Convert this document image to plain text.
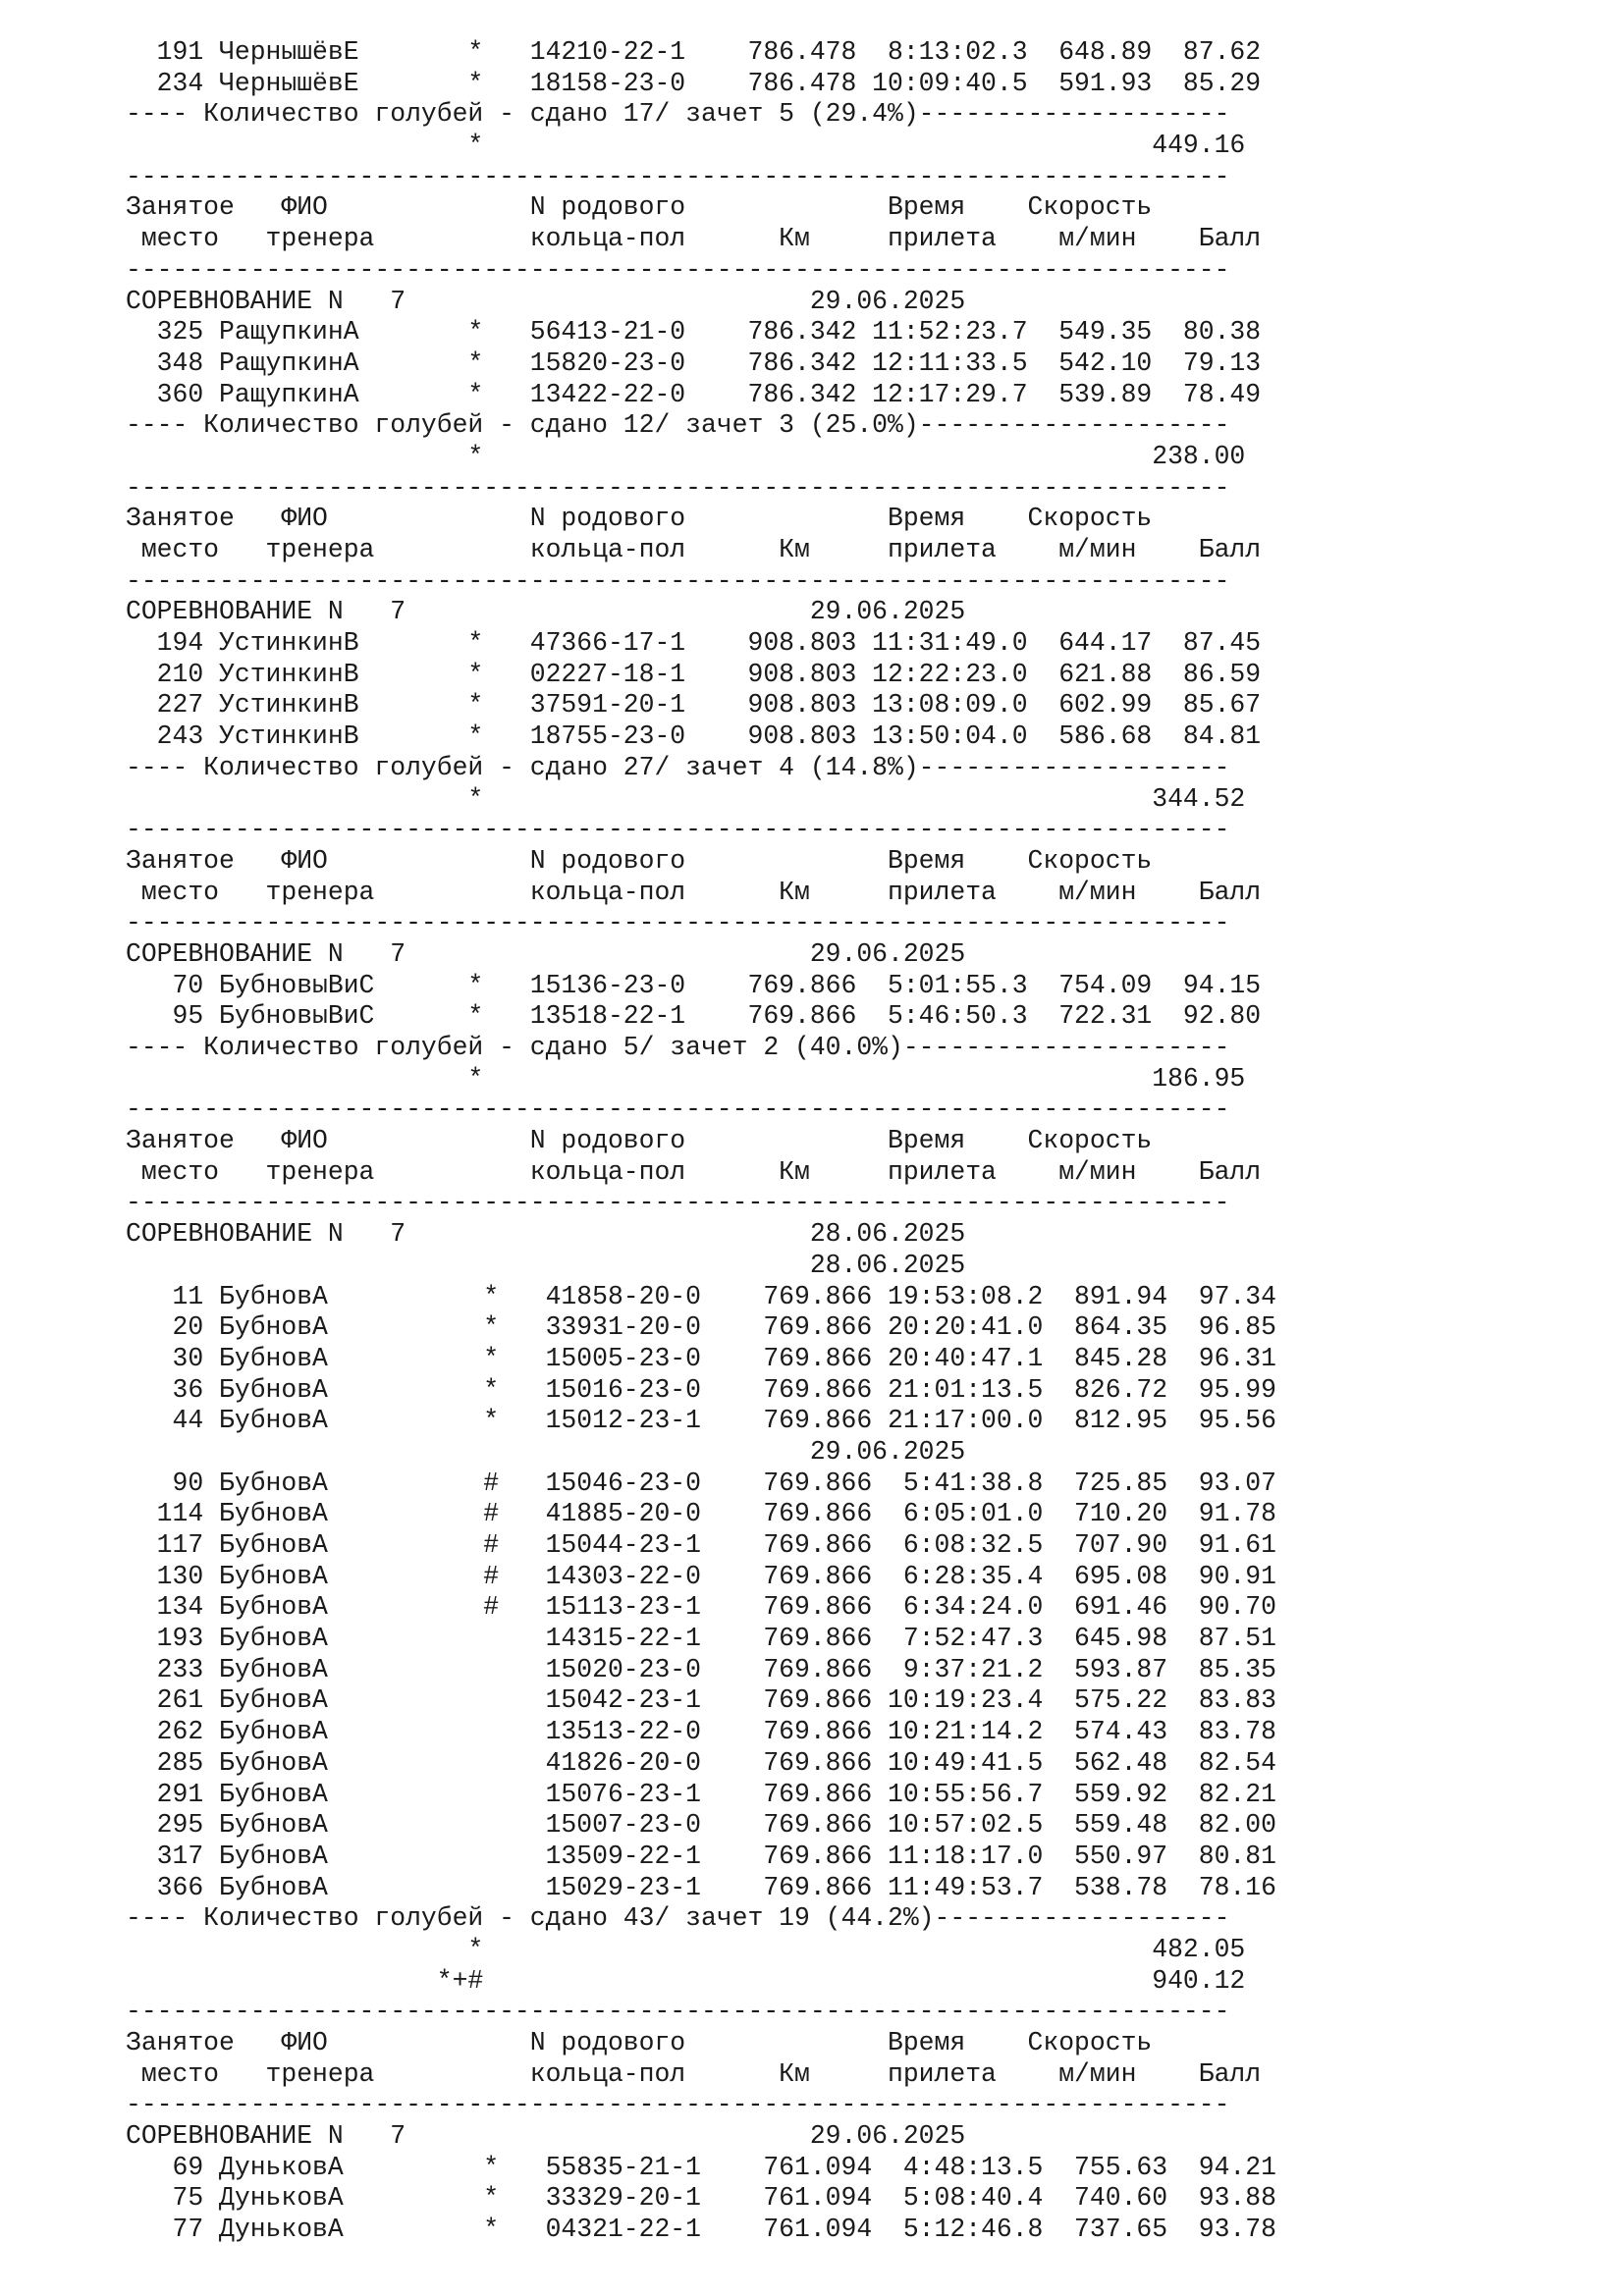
191 ЧернышёвЕ       *   14210-22-1    786.478  8:13:02.3  648.89  87.62
234 ЧернышёвЕ       *   18158-23-0    786.478 10:09:40.5  591.93  85.29
---- Количество голубей - сдано 17/ зачет 5 (29.4%)--------------------
*                                           449.16
-----------------------------------------------------------------------
Занятое   ФИО             N родового             Время    Скорость
место   тренера          кольца-пол      Км     прилета    м/мин    Балл
-----------------------------------------------------------------------
СОРЕВНОВАНИЕ N   7                          29.06.2025
325 РащупкинА       *   56413-21-0    786.342 11:52:23.7  549.35  80.38
348 РащупкинА       *   15820-23-0    786.342 12:11:33.5  542.10  79.13
360 РащупкинА       *   13422-22-0    786.342 12:17:29.7  539.89  78.49
---- Количество голубей - сдано 12/ зачет 3 (25.0%)--------------------
*                                           238.00
-----------------------------------------------------------------------
Занятое   ФИО             N родового             Время    Скорость
место   тренера          кольца-пол      Км     прилета    м/мин    Балл
-----------------------------------------------------------------------
СОРЕВНОВАНИЕ N   7                          29.06.2025
194 УстинкинВ       *   47366-17-1    908.803 11:31:49.0  644.17  87.45
210 УстинкинВ       *   02227-18-1    908.803 12:22:23.0  621.88  86.59
227 УстинкинВ       *   37591-20-1    908.803 13:08:09.0  602.99  85.67
243 УстинкинВ       *   18755-23-0    908.803 13:50:04.0  586.68  84.81
---- Количество голубей - сдано 27/ зачет 4 (14.8%)--------------------
*                                           344.52
-----------------------------------------------------------------------
Занятое   ФИО             N родового             Время    Скорость
место   тренера          кольца-пол      Км     прилета    м/мин    Балл
-----------------------------------------------------------------------
СОРЕВНОВАНИЕ N   7                          29.06.2025
70 БубновыВиС      *   15136-23-0    769.866  5:01:55.3  754.09  94.15
95 БубновыВиС      *   13518-22-1    769.866  5:46:50.3  722.31  92.80
---- Количество голубей - сдано 5/ зачет 2 (40.0%)---------------------
*                                           186.95
-----------------------------------------------------------------------
Занятое   ФИО             N родового             Время    Скорость
место   тренера          кольца-пол      Км     прилета    м/мин    Балл
-----------------------------------------------------------------------
СОРЕВНОВАНИЕ N   7                          28.06.2025
28.06.2025
11 БубновА          *   41858-20-0    769.866 19:53:08.2  891.94  97.34
20 БубновА          *   33931-20-0    769.866 20:20:41.0  864.35  96.85
30 БубновА          *   15005-23-0    769.866 20:40:47.1  845.28  96.31
36 БубновА          *   15016-23-0    769.866 21:01:13.5  826.72  95.99
44 БубновА          *   15012-23-1    769.866 21:17:00.0  812.95  95.56
29.06.2025
90 БубновА          #   15046-23-0    769.866  5:41:38.8  725.85  93.07
114 БубновА          #   41885-20-0    769.866  6:05:01.0  710.20  91.78
117 БубновА          #   15044-23-1    769.866  6:08:32.5  707.90  91.61
130 БубновА          #   14303-22-0    769.866  6:28:35.4  695.08  90.91
134 БубновА          #   15113-23-1    769.866  6:34:24.0  691.46  90.70
193 БубновА              14315-22-1    769.866  7:52:47.3  645.98  87.51
233 БубновА              15020-23-0    769.866  9:37:21.2  593.87  85.35
261 БубновА              15042-23-1    769.866 10:19:23.4  575.22  83.83
262 БубновА              13513-22-0    769.866 10:21:14.2  574.43  83.78
285 БубновА              41826-20-0    769.866 10:49:41.5  562.48  82.54
291 БубновА              15076-23-1    769.866 10:55:56.7  559.92  82.21
295 БубновА              15007-23-0    769.866 10:57:02.5  559.48  82.00
317 БубновА              13509-22-1    769.866 11:18:17.0  550.97  80.81
366 БубновА              15029-23-1    769.866 11:49:53.7  538.78  78.16
---- Количество голубей - сдано 43/ зачет 19 (44.2%)-------------------
*                                           482.05
*+#                                           940.12
-----------------------------------------------------------------------
Занятое   ФИО             N родового             Время    Скорость
место   тренера          кольца-пол      Км     прилета    м/мин    Балл
-----------------------------------------------------------------------
СОРЕВНОВАНИЕ N   7                          29.06.2025
69 ДуньковА         *   55835-21-1    761.094  4:48:13.5  755.63  94.21
75 ДуньковА         *   33329-20-1    761.094  5:08:40.4  740.60  93.88
77 ДуньковА         *   04321-22-1    761.094  5:12:46.8  737.65  93.78
